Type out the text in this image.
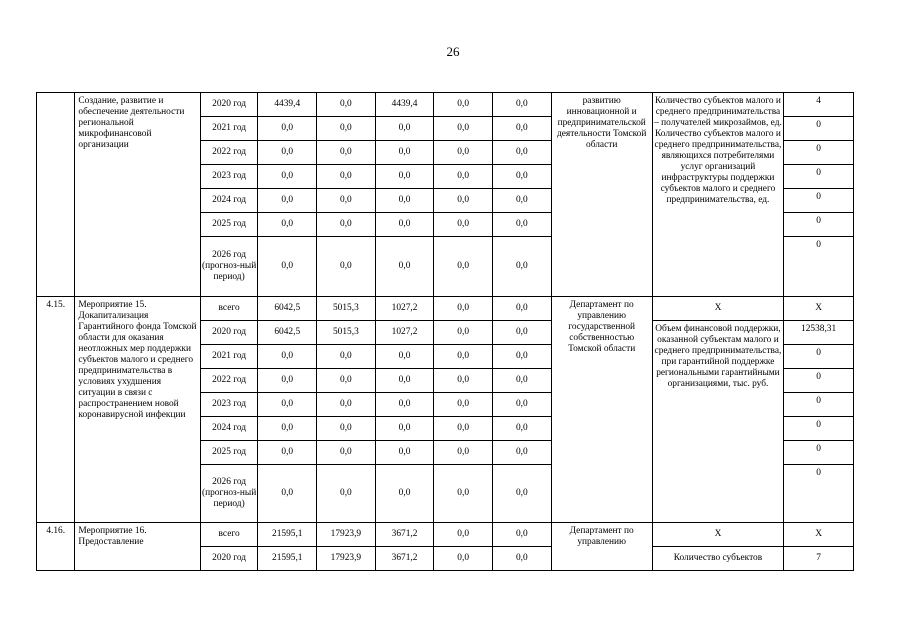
26
	Создание, развитие и обеспечение деятельности региональной микрофинансовой организации	2020 год	4439,4	0,0	4439,4	0,0	0,0	развитию инновационной и предпринимательской деятельности Томской области	Количество субъектов малого и среднего предпринимательства – получателей микрозаймов, ед. Количество субъектов малого и среднего предпринимательства, являющихся потребителями услуг организаций инфраструктуры поддержки субъектов малого и среднего предпринимательства, ед.	4
		2021 год	0,0	0,0	0,0	0,0	0,0			0
		2022 год	0,0	0,0	0,0	0,0	0,0			0
		2023 год	0,0	0,0	0,0	0,0	0,0			0
		2024 год	0,0	0,0	0,0	0,0	0,0			0
		2025 год	0,0	0,0	0,0	0,0	0,0			0
		2026 год (прогноз-ный период)	0,0	0,0	0,0	0,0	0,0			0
4.15.	Мероприятие 15. Докапитализация Гарантийного фонда Томской области для оказания неотложных мер поддержки субъектов малого и среднего предпринимательства в условиях ухудшения ситуации в связи с распространением новой коронавирусной инфекции	всего	6042,5	5015,3	1027,2	0,0	0,0	Департамент по управлению государственной собственностью Томской области	Х	Х
		2020 год	6042,5	5015,3	1027,2	0,0	0,0		Объем финансовой поддержки, оказанной субъектам малого и среднего предпринимательства, при гарантийной поддержке региональными гарантийными организациями, тыс. руб.	12538,31
		2021 год	0,0	0,0	0,0	0,0	0,0			0
		2022 год	0,0	0,0	0,0	0,0	0,0			0
		2023 год	0,0	0,0	0,0	0,0	0,0			0
		2024 год	0,0	0,0	0,0	0,0	0,0			0
		2025 год	0,0	0,0	0,0	0,0	0,0			0
		2026 год (прогноз-ный период)	0,0	0,0	0,0	0,0	0,0			0
4.16.	Мероприятие 16. Предоставление	всего	21595,1	17923,9	3671,2	0,0	0,0	Департамент по управлению	Х	Х
		2020 год	21595,1	17923,9	3671,2	0,0	0,0		Количество субъектов	7
